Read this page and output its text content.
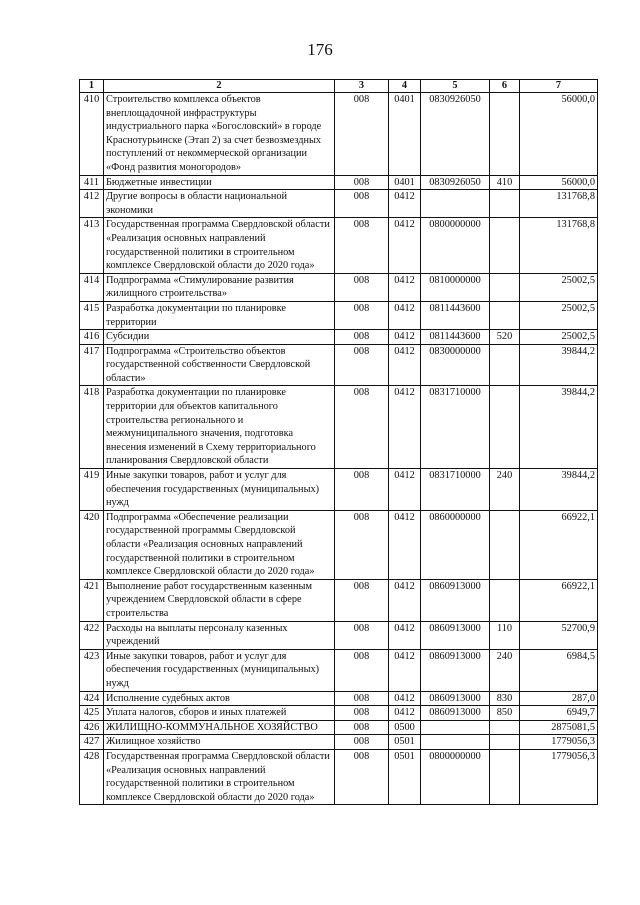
176
1	2	3	4	5	6	7
410	Строительство комплекса объектов внеплощадочной инфраструктуры индустриального парка «Богословский» в городе Краснотурьинске (Этап 2) за счет безвозмездных поступлений от некоммерческой организации «Фонд развития моногородов»	008	0401	0830926050		56000,0
411	Бюджетные инвестиции	008	0401	0830926050	410	56000,0
412	Другие вопросы в области национальной экономики	008	0412			131768,8
413	Государственная программа Свердловской области «Реализация основных направлений государственной политики в строительном комплексе Свердловской области до 2020 года»	008	0412	0800000000		131768,8
414	Подпрограмма «Стимулирование развития жилищного строительства»	008	0412	0810000000		25002,5
415	Разработка документации по планировке территории	008	0412	0811443600		25002,5
416	Субсидии	008	0412	0811443600	520	25002,5
417	Подпрограмма «Строительство объектов государственной собственности Свердловской области»	008	0412	0830000000		39844,2
418	Разработка документации по планировке территории для объектов капитального строительства регионального и межмуниципального значения, подготовка внесения изменений в Схему территориального планирования Свердловской области	008	0412	0831710000		39844,2
419	Иные закупки товаров, работ и услуг для обеспечения государственных (муниципальных) нужд	008	0412	0831710000	240	39844,2
420	Подпрограмма «Обеспечение реализации государственной программы Свердловской области «Реализация основных направлений государственной политики в строительном комплексе Свердловской области до 2020 года»	008	0412	0860000000		66922,1
421	Выполнение работ государственным казенным учреждением Свердловской области в сфере строительства	008	0412	0860913000		66922,1
422	Расходы на выплаты персоналу казенных учреждений	008	0412	0860913000	110	52700,9
423	Иные закупки товаров, работ и услуг для обеспечения государственных (муниципальных) нужд	008	0412	0860913000	240	6984,5
424	Исполнение судебных актов	008	0412	0860913000	830	287,0
425	Уплата налогов, сборов и иных платежей	008	0412	0860913000	850	6949,7
426	ЖИЛИЩНО-КОММУНАЛЬНОЕ ХОЗЯЙСТВО	008	0500			2875081,5
427	Жилищное хозяйство	008	0501			1779056,3
428	Государственная программа Свердловской области «Реализация основных направлений государственной политики в строительном комплексе Свердловской области до 2020 года»	008	0501	0800000000		1779056,3
